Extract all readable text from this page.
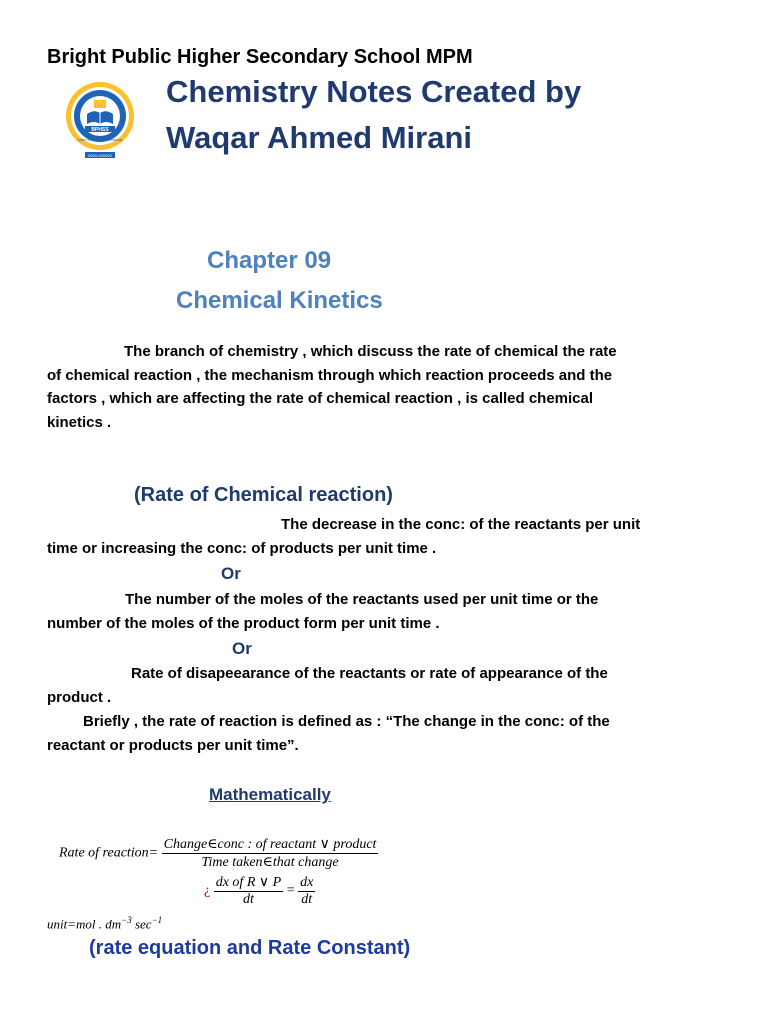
Bright Public Higher Secondary School MPM
BPHSS
Learn today - Lead tomorrow
0000-000000
Chemistry Notes Created by
Waqar Ahmed Mirani
Chapter 09
Chemical Kinetics
The branch of chemistry , which discuss the rate of chemical the rate
of chemical reaction , the mechanism through which reaction proceeds and the
factors , which are affecting the rate of chemical reaction , is called chemical
kinetics .
(Rate of Chemical reaction)
The decrease in the conc: of the reactants per unit
time or increasing the conc: of products per unit time .
Or
The number of the moles of the reactants used per unit time or the
number of the moles of the product form per unit time .
Or
Rate of disapeearance of the reactants or rate of appearance of the
product .
Briefly , the rate of reaction is defined as : “The change in the conc: of the
reactant or products per unit time”.
Mathematically
Rate of reaction= $\frac{\text{Change∈conc : of reactant ∨ product}}{\text{Time taken∈that change}}$
¿ $\frac{\text{dx of R ∨ P}}{dt} = \frac{dx}{dt}$
unit=mol . $dm^{-3}$ $\sec^{-1}$
(rate equation and Rate Constant)
